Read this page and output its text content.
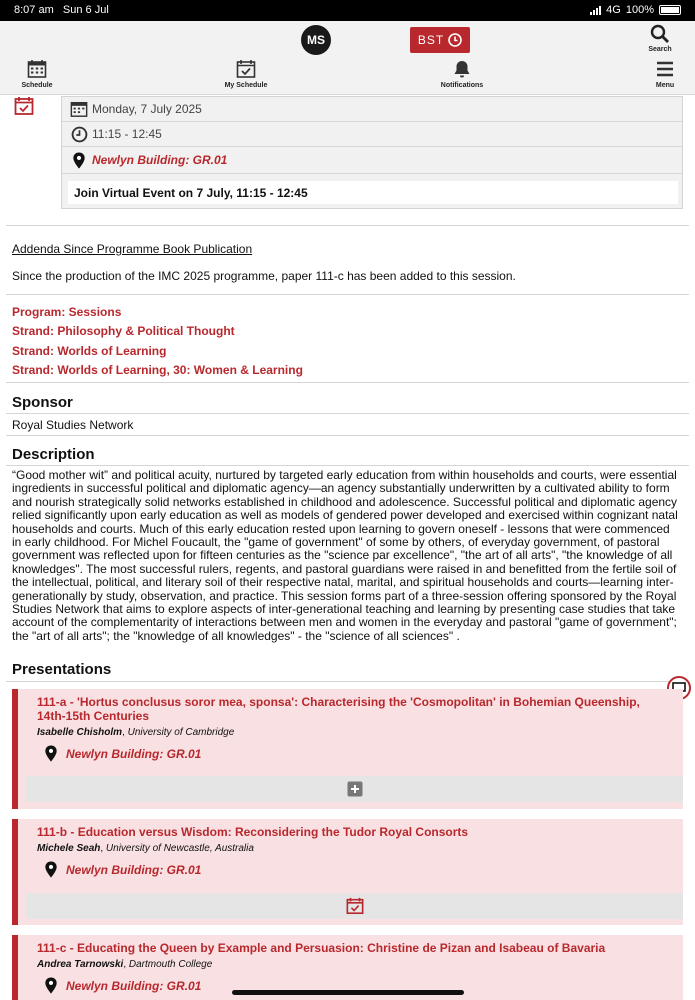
8:07 am Sun 6 Jul	4G 100%
MS	BST
Search
Schedule	My Schedule	Notifications	Menu
Monday, 7 July 2025
11:15 - 12:45
Newlyn Building: GR.01
Join Virtual Event on 7 July, 11:15 - 12:45
Addenda Since Programme Book Publication
Since the production of the IMC 2025 programme, paper 111-c has been added to this session.
Program: Sessions
Strand: Philosophy & Political Thought
Strand: Worlds of Learning
Strand: Worlds of Learning, 30: Women & Learning
Sponsor
Royal Studies Network
Description
“Good mother wit” and political acuity, nurtured by targeted early education from within households and courts, were essential ingredients in successful political and diplomatic agency—an agency substantially underwritten by a cultivated ability to form and nourish strategically solid networks established in childhood and adolescence. Successful political and diplomatic agency relied significantly upon early education as well as models of gendered power developed and exercised within cognizant natal households and courts. Much of this early education rested upon learning to govern oneself - lessons that were commenced in early childhood. For Michel Foucault, the "game of government" of some by others, of everyday government, of pastoral government was reflected upon for fifteen centuries as the "science par excellence", "the art of all arts", "the knowledge of all knowledges". The most successful rulers, regents, and pastoral guardians were raised in and benefitted from the fertile soil of the intellectual, political, and literary soil of their respective natal, marital, and spiritual households and courts—learning inter-generationally by study, observation, and practice. This session forms part of a three-session offering sponsored by the Royal Studies Network that aims to explore aspects of inter-generational teaching and learning by presenting case studies that take account of the complementarity of interactions between men and women in the everyday and pastoral "game of government"; the "art of all arts"; the "knowledge of all knowledges" - the "science of all sciences" .
Presentations
111-a - 'Hortus conclusus soror mea, sponsa': Characterising the 'Cosmopolitan' in Bohemian Queenship, 14th-15th Centuries
Isabelle Chisholm, University of Cambridge
Newlyn Building: GR.01
111-b - Education versus Wisdom: Reconsidering the Tudor Royal Consorts
Michele Seah, University of Newcastle, Australia
Newlyn Building: GR.01
111-c - Educating the Queen by Example and Persuasion: Christine de Pizan and Isabeau of Bavaria
Andrea Tarnowski, Dartmouth College
Newlyn Building: GR.01
